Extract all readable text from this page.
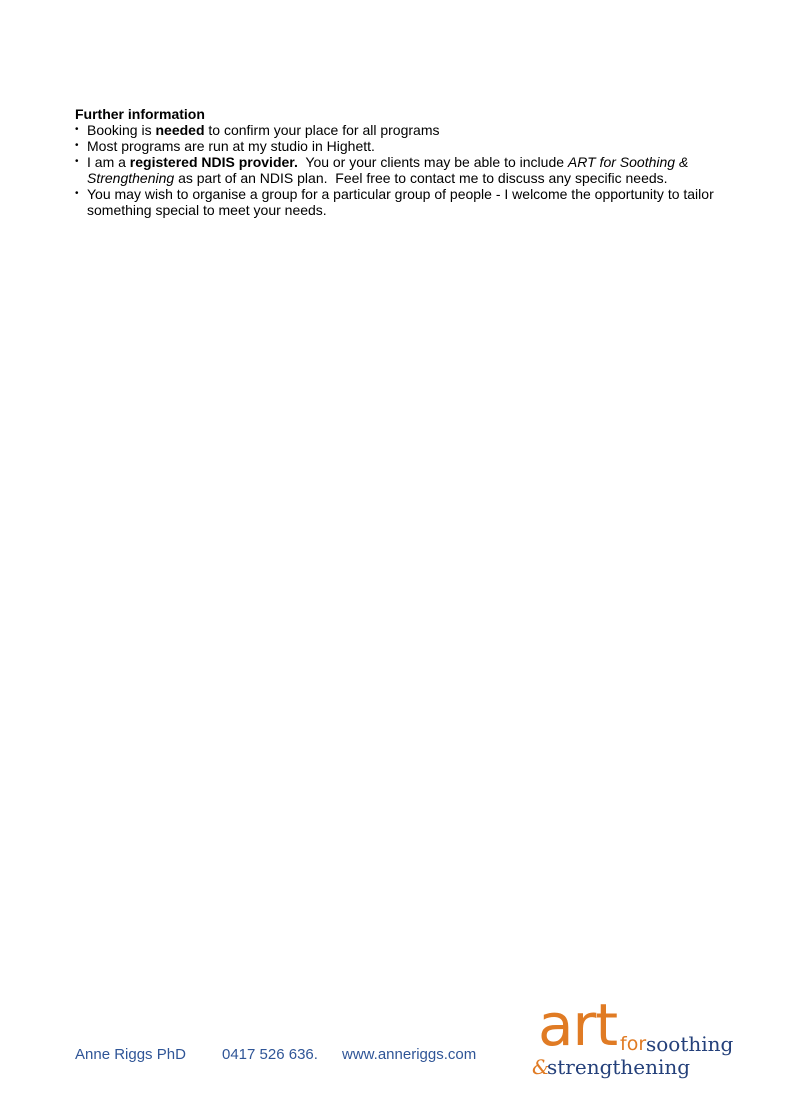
Further information
• Booking is needed to confirm your place for all programs
• Most programs are run at my studio in Highett.
• I am a registered NDIS provider.  You or your clients may be able to include ART for Soothing & Strengthening as part of an NDIS plan.  Feel free to contact me to discuss any specific needs.
• You may wish to organise a group for a particular group of people - I welcome the opportunity to tailor something special to meet your needs.
Anne Riggs PhD 0417 526 636. www.anneriggs.com art for soothing
&
strengthening
